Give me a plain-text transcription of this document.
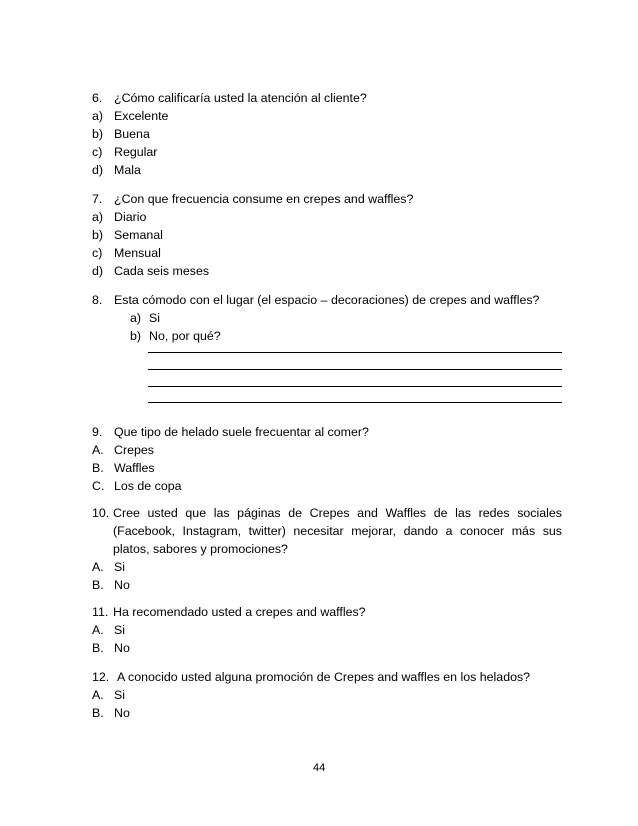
6. ¿Cómo calificaría usted la atención al cliente?
a) Excelente
b) Buena
c) Regular
d) Mala
7. ¿Con que frecuencia consume en crepes and waffles?
a) Diario
b) Semanal
c) Mensual
d) Cada seis meses
8. Esta cómodo con el lugar (el espacio – decoraciones) de crepes and waffles?
a) Si
b) No, por qué?
9. Que tipo de helado suele frecuentar al comer?
A. Crepes
B. Waffles
C. Los de copa
10. Cree usted que las páginas de Crepes and Waffles de las redes sociales
(Facebook, Instagram, twitter) necesitar mejorar, dando a conocer más sus
platos, sabores y promociones?
A. Si
B. No
11. Ha recomendado usted a crepes and waffles?
A. Si
B. No
12. A conocido usted alguna promoción de Crepes and waffles en los helados?
A. Si
B. No
44
